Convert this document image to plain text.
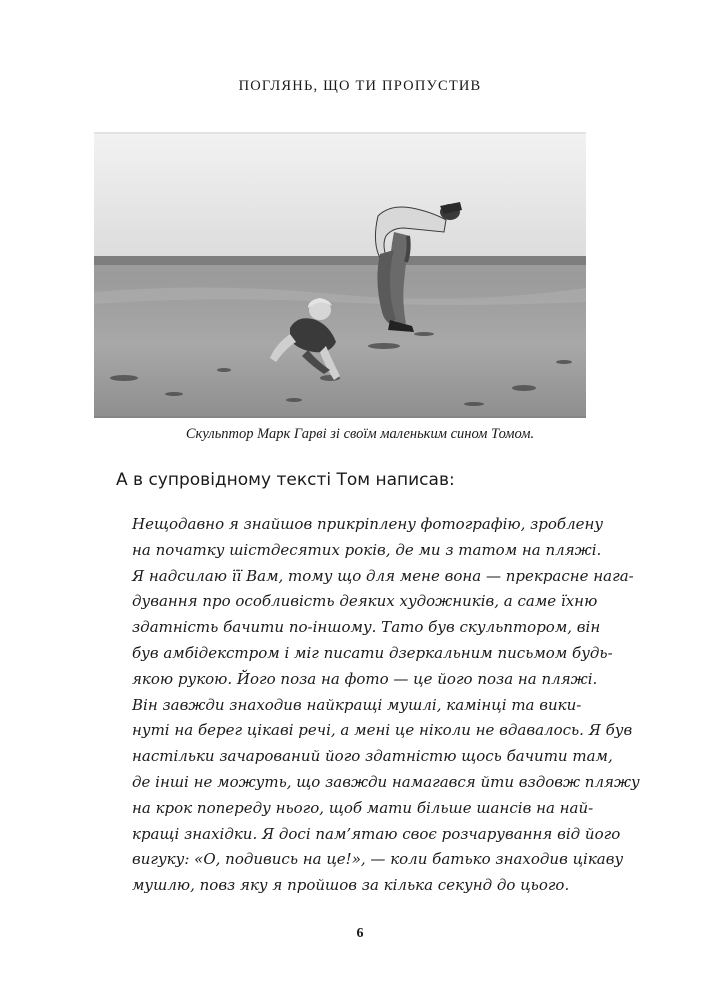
ПОГЛЯНЬ, ЩО ТИ ПРОПУСТИВ
Скульптор Марк Гарві зі своїм маленьким сином Томом.
А в супровідному тексті Том написав:
Нещодавно я знайшов прикріплену фотографію, зроблену
на початку шістдесятих років, де ми з татом на пляжі.
Я надсилаю її Вам, тому що для мене вона — прекрасне нага-
дування про особливість деяких художників, а саме їхню
здатність бачити по-іншому. Тато був скульптором, він
був амбідекстром і міг писати дзеркальним письмом будь-
якою рукою. Його поза на фото — це його поза на пляжі.
Він завжди знаходив найкращі мушлі, камінці та вики-
нуті на берег цікаві речі, а мені це ніколи не вдавалось. Я був
настільки зачарований його здатністю щось бачити там,
де інші не можуть, що завжди намагався йти вздовж пляжу
на крок попереду нього, щоб мати більше шансів на най-
кращі знахідки. Я досі пам’ятаю своє розчарування від його
вигуку: «О, подивись на це!», — коли батько знаходив цікаву
мушлю, повз яку я пройшов за кілька секунд до цього.
6
